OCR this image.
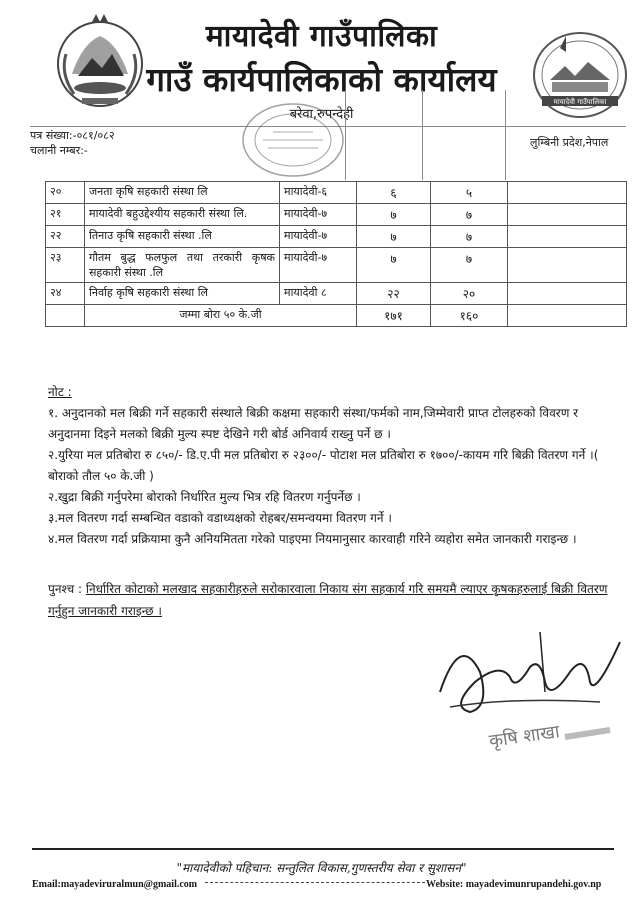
मायादेवी गाउँपालिका
मायादेवी गाउँपालिका
गाउँ कार्यपालिकाको कार्यालय
बरेवा,रुपन्देही
पत्र संख्या:-०८१/०८२
चलानी नम्बर:-
लुम्बिनी प्रदेश,नेपाल
२०	जनता कृषि सहकारी संस्था लि	मायादेवी-६	६	५	
२१	मायादेवी बहुउद्देश्यीय सहकारी संस्था लि.	मायादेवी-७	७	७	
२२	तिनाउ कृषि सहकारी संस्था .लि	मायादेवी-७	७	७	
२३	गौतम बुद्ध फलफुल तथा तरकारी कृषक सहकारी संस्था .लि	मायादेवी-७	७	७	
२४	निर्वाह कृषि सहकारी संस्था लि	मायादेवी ८	२२	२०	
	जम्मा बोरा ५० के.जी		१७१	१६०	

नोट :

१. अनुदानको मल बिक्री गर्ने सहकारी संस्थाले बिक्री कक्षमा सहकारी संस्था/फर्मको नाम,जिम्मेवारी प्राप्त टोलहरुको विवरण र अनुदानमा दिइने मलको बिक्री मुल्य स्पष्ट देखिने गरी बोर्ड अनिवार्य राख्नु पर्ने छ ।

२.युरिया मल प्रतिबोरा रु ८५०/- डि.ए.पी मल प्रतिबोरा रु २३००/- पोटाश मल प्रतिबोरा रु १७००/-कायम गरि बिक्री वितरण गर्ने ।( बोराको तौल ५० के.जी )

२.खुद्रा बिक्री गर्नुपरेमा बोराको निर्धारित मुल्य भित्र रहि वितरण गर्नुपर्नेछ ।

३.मल वितरण गर्दा सम्बन्धित वडाको वडाध्यक्षको रोहबर/समन्वयमा वितरण गर्ने ।

४.मल वितरण गर्दा प्रक्रियामा कुनै अनियमितता गरेको पाइएमा नियमानुसार कारवाही गरिने व्यहोरा समेत जानकारी गराइन्छ ।

पुनश्च : निर्धारित कोटाको मलखाद सहकारीहरुले सरोकारवाला निकाय संग सहकार्य गरि समयमै ल्याएर कृषकहरुलाई बिक्री वितरण गर्नुहुन जानकारी गराइन्छ ।
कृषि शाखा
"मायादेवीको पहिचान: सन्तुलित विकास,गुणस्तरीय सेवा र सुशासन"
Email:mayadeviruralmun@gmail.com	Website: mayadevimunrupandehi.gov.np
